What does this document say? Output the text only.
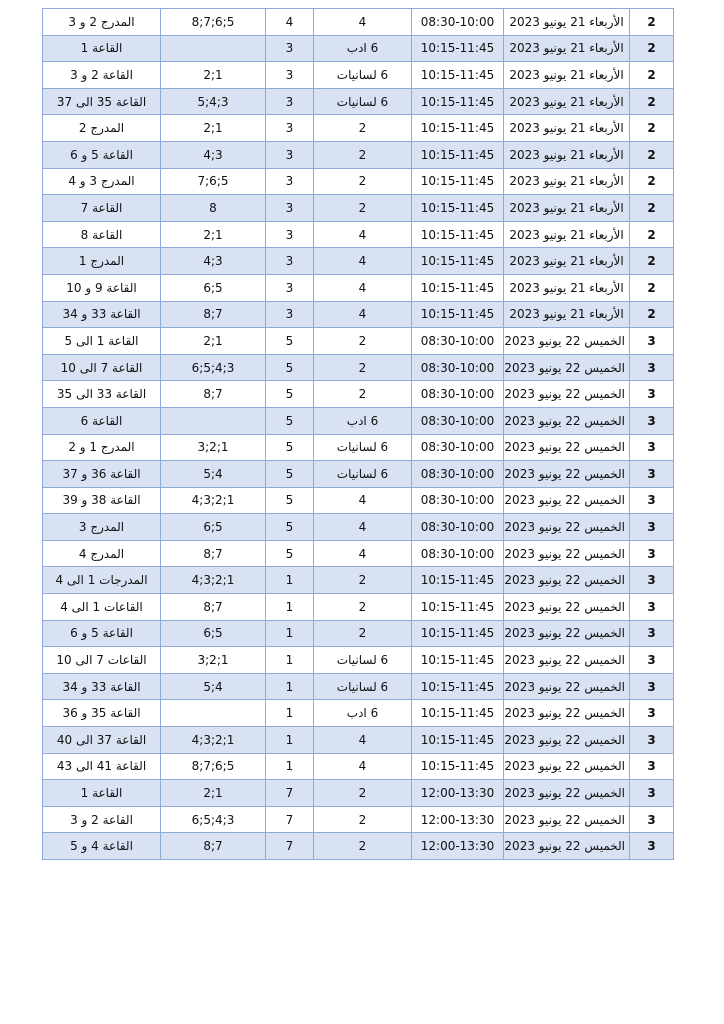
2	الأربعاء 21 يونيو 2023	08:30-10:00	4	4	5;6;7;8	المدرج 2 و 3
2	الأربعاء 21 يونيو 2023	10:15-11:45	6 ادب	3		القاعة 1
2	الأربعاء 21 يونيو 2023	10:15-11:45	6 لسانيات	3	1;2	القاعة 2 و 3
2	الأربعاء 21 يونيو 2023	10:15-11:45	6 لسانيات	3	3;4;5	القاعة 35 الى 37
2	الأربعاء 21 يونيو 2023	10:15-11:45	2	3	1;2	المدرج 2
2	الأربعاء 21 يونيو 2023	10:15-11:45	2	3	3;4	القاعة 5 و 6
2	الأربعاء 21 يونيو 2023	10:15-11:45	2	3	5;6;7	المدرج 3 و 4
2	الأربعاء 21 يونيو 2023	10:15-11:45	2	3	8	القاعة 7
2	الأربعاء 21 يونيو 2023	10:15-11:45	4	3	1;2	القاعة 8
2	الأربعاء 21 يونيو 2023	10:15-11:45	4	3	3;4	المدرج 1
2	الأربعاء 21 يونيو 2023	10:15-11:45	4	3	5;6	القاعة 9 و 10
2	الأربعاء 21 يونيو 2023	10:15-11:45	4	3	7;8	القاعة 33 و 34
3	الخميس 22 يونيو 2023	08:30-10:00	2	5	1;2	القاعة 1 الى 5
3	الخميس 22 يونيو 2023	08:30-10:00	2	5	3;4;5;6	القاعة 7 الى 10
3	الخميس 22 يونيو 2023	08:30-10:00	2	5	7;8	القاعة 33 الى 35
3	الخميس 22 يونيو 2023	08:30-10:00	6 ادب	5		القاعة 6
3	الخميس 22 يونيو 2023	08:30-10:00	6 لسانيات	5	1;2;3	المدرج 1 و 2
3	الخميس 22 يونيو 2023	08:30-10:00	6 لسانيات	5	4;5	القاعة 36 و 37
3	الخميس 22 يونيو 2023	08:30-10:00	4	5	1;2;3;4	القاعة 38 و 39
3	الخميس 22 يونيو 2023	08:30-10:00	4	5	5;6	المدرج 3
3	الخميس 22 يونيو 2023	08:30-10:00	4	5	7;8	المدرج 4
3	الخميس 22 يونيو 2023	10:15-11:45	2	1	1;2;3;4	المدرجات 1 الى 4
3	الخميس 22 يونيو 2023	10:15-11:45	2	1	7;8	القاعات 1 الى 4
3	الخميس 22 يونيو 2023	10:15-11:45	2	1	5;6	القاعة 5 و 6
3	الخميس 22 يونيو 2023	10:15-11:45	6 لسانيات	1	1;2;3	القاعات 7 الى 10
3	الخميس 22 يونيو 2023	10:15-11:45	6 لسانيات	1	4;5	القاعة 33 و 34
3	الخميس 22 يونيو 2023	10:15-11:45	6 ادب	1		القاعة 35 و 36
3	الخميس 22 يونيو 2023	10:15-11:45	4	1	1;2;3;4	القاعة 37 الى 40
3	الخميس 22 يونيو 2023	10:15-11:45	4	1	5;6;7;8	القاعة 41 الى 43
3	الخميس 22 يونيو 2023	12:00-13:30	2	7	1;2	القاعة 1
3	الخميس 22 يونيو 2023	12:00-13:30	2	7	3;4;5;6	القاعة 2 و 3
3	الخميس 22 يونيو 2023	12:00-13:30	2	7	7;8	القاعة 4 و 5
